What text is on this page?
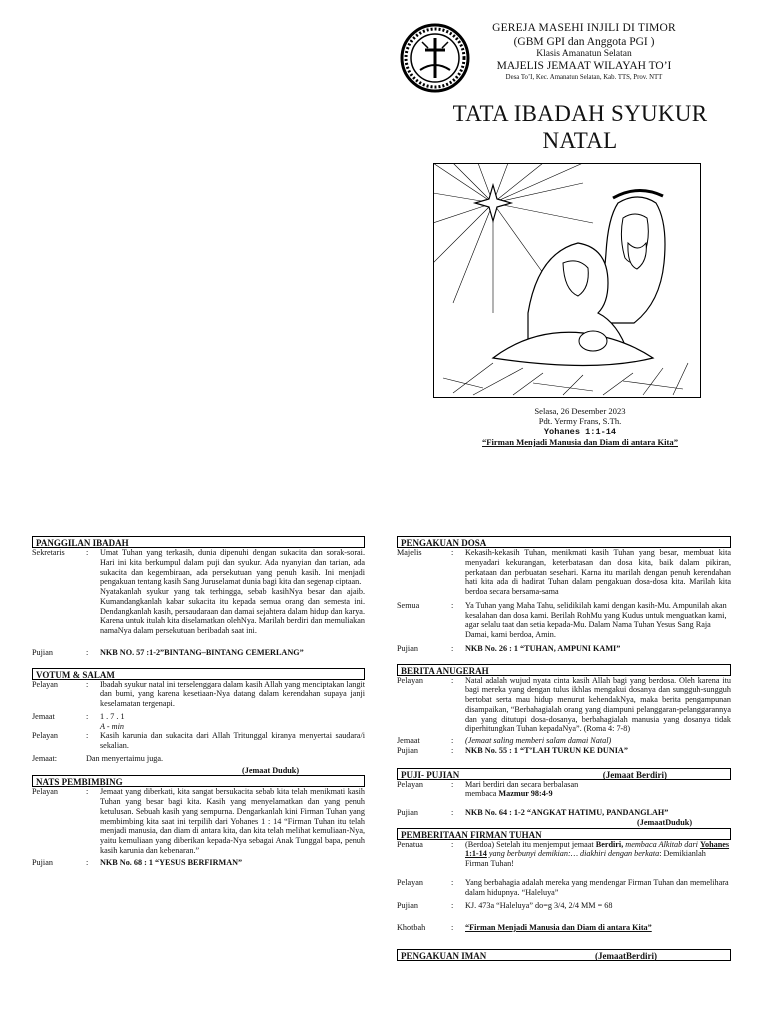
GEREJA MASEHI INJILI DI TIMOR
(GBM GPI dan Anggota PGI )
Klasis Amanatun Selatan
MAJELIS JEMAAT WILAYAH TO’I
Desa To’I, Kec. Amanatun Selatan, Kab. TTS, Prov. NTT
TATA IBADAH SYUKUR
NATAL
Selasa, 26 Desember 2023
Pdt. Yermy Frans, S.Th.
Yohanes 1:1-14
“Firman Menjadi Manusia dan Diam di antara Kita”
PANGGILAN IBADAH
Sekretaris	:	Umat Tuhan yang terkasih, dunia dipenuhi dengan sukacita dan sorak-sorai. Hari ini kita berkumpul dalam puji dan syukur. Ada nyanyian dan tarian, ada sukacita dan kegembiraan, ada persekutuan yang penuh kasih. Ini menjadi pengakuan tentang kasih Sang Juruselamat dunia bagi kita dan segenap ciptaan.
Nyatakanlah syukur yang tak terhingga, sebab kasihNya besar dan ajaib. Kumandangkanlah kabar sukacita itu kepada semua orang dan semesta ini. Dendangkanlah kasih, persaudaraan dan damai sejahtera dalam hidup dan karya. Karena untuk itulah kita diselamatkan olehNya. Marilah berdiri dan memuliakan namaNya dalam persekutuan beribadah saat ini.
Pujian	:	NKB NO. 57 :1-2”BINTANG–BINTANG CEMERLANG”
VOTUM & SALAM
Pelayan	:	Ibadah syukur natal ini terselenggara dalam kasih Allah yang menciptakan langit dan bumi, yang karena kesetiaan-Nya datang dalam kerendahan supaya janji keselamatan tergenapi.
Jemaat	:	1 . 7 . 1
A - min
Pelayan	:	Kasih karunia dan sukacita dari Allah Tritunggal kiranya menyertai saudara/i sekalian.
Jemaat:	Dan menyertaimu juga.
(Jemaat Duduk)
NATS PEMBIMBING
Pelayan	:	Jemaat yang diberkati, kita sangat bersukacita sebab kita telah menikmati kasih Tuhan yang besar bagi kita. Kasih yang menyelamatkan dan yang penuh ketulusan. Sebuah kasih yang sempurna. Dengarkanlah kini Firman Tuhan yang membimbing kita saat ini terpilih dari Yohanes 1 : 14 “Firman Tuhan itu telah menjadi manusia, dan diam di antara kita, dan kita telah melihat kemuliaan-Nya, yaitu kemuliaan yang diberikan kepada-Nya sebagai Anak Tunggal bapa, penuh kasih karunia dan kebenaran.”
Pujian	:	NKB No. 68 : 1 “YESUS BERFIRMAN”
PENGAKUAN DOSA
Majelis	:	Kekasih-kekasih Tuhan, menikmati kasih Tuhan yang besar, membuat kita menyadari kekurangan, keterbatasan dan dosa kita, baik dalam pikiran, perkataan dan perbuatan sesehari. Karna itu marilah dengan penuh kerendahan hati kita ada di hadirat Tuhan dalam pengakuan dosa-dosa kita. Marilah kita berdoa secara bersama-sama
Semua	:	Ya Tuhan yang Maha Tahu, selidikilah kami dengan kasih-Mu. Ampunilah akan kesalahan dan dosa kami. Berilah RohMu yang Kudus untuk menguatkan kami, agar selalu taat dan setia kepada-Mu. Dalam Nama Tuhan Yesus Sang Raja Damai, kami berdoa, Amin.
Pujian	:	NKB No. 26 : 1 “TUHAN, AMPUNI KAMI”
BERITA ANUGERAH
Pelayan	:	Natal adalah wujud nyata cinta kasih Allah bagi yang berdosa. Oleh karena itu bagi mereka yang dengan tulus ikhlas mengakui dosanya dan sungguh-sungguh bertobat serta mau hidup menurut kehendakNya, maka berita pengampunan disampaikan, “Berbahagialah orang yang diampuni pelanggaran-pelanggarannya dan yang ditutupi dosa-dosanya, berbahagialah manusia yang dosanya tidak diperhitungkan Tuhan kepadaNya”. (Roma 4: 7-8)
Jemaat	:	(Jemaat saling memberi salam damai Natal)
Pujian	:	NKB No. 55 : 1 “T’LAH TURUN KE DUNIA”
PUJI- PUJIAN	(Jemaat Berdiri)
Pelayan	:	Mari berdiri dan secara berbalasan membaca Mazmur 98:4-9
Pujian	:	NKB No. 64 : 1-2 “ANGKAT HATIMU, PANDANGLAH”
(JemaatDuduk)
PEMBERITAAN FIRMAN TUHAN
Penatua	:	(Berdoa) Setelah itu menjemput jemaat Berdiri, membaca Alkitab dari Yohanes 1:1-14 yang berbunyi demikian:… diakhiri dengan berkata: Demikianlah Firman Tuhan!
Pelayan	:	Yang berbahagia adalah mereka yang mendengar Firman Tuhan dan memelihara dalam hidupnya. “Haleluya”
Pujian	:	KJ. 473a “Haleluya” do=g 3/4, 2/4 MM = 68
Khotbah	:	“Firman Menjadi Manusia dan Diam di antara Kita”
PENGAKUAN IMAN	(JemaatBerdiri)
